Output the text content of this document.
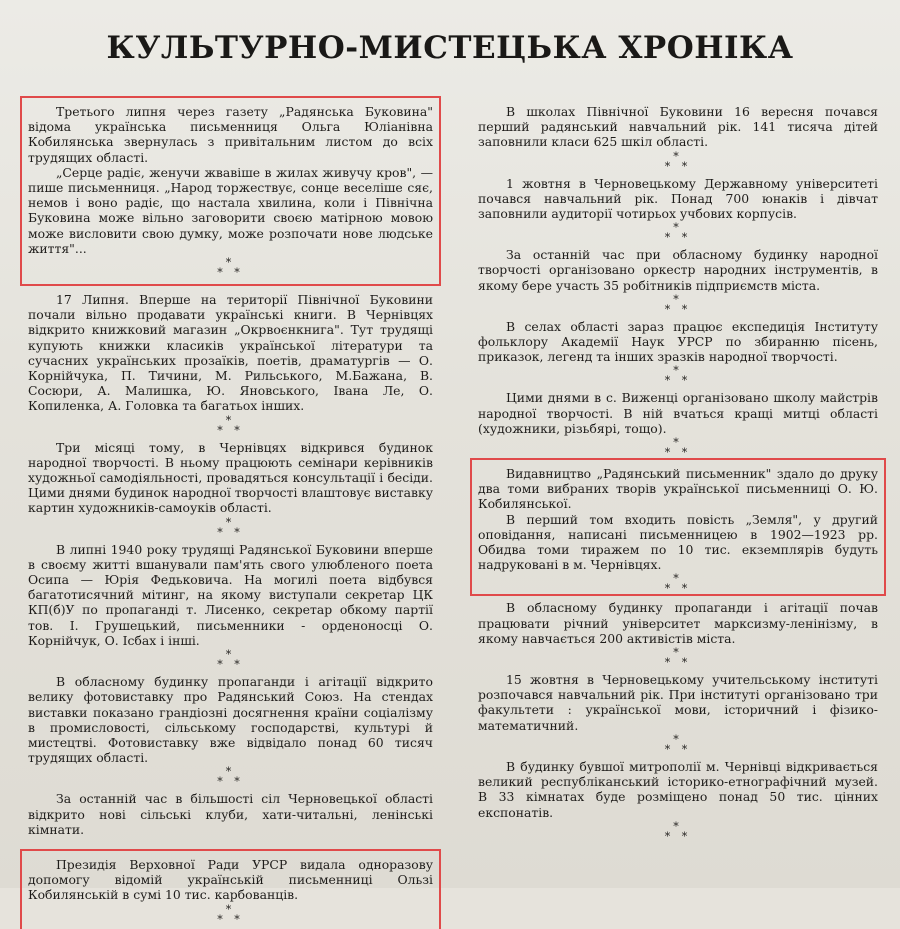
КУЛЬТУРНО-МИСТЕЦЬКА ХРОНІКА

Третього липня через газету „Радянська Буковина" відома українська письменниця Ольга Юліанівна Кобилянська звернулась з привітальним листом до всіх трудящих області.

„Серце радіє, женучи жвавіше в жилах живучу кров", — пише письменниця. „Народ торжествує, сонце веселіше сяє, немов і воно радіє, що настала хвилина, коли і Північна Буковина може вільно заговорити своєю матірною мовою може висловити свою думку, може розпочати нове людське життя"...

*
* *

17 Липня. Вперше на території Північної Буковини почали вільно продавати українські книги. В Чернівцях відкрито книжковий магазин „Окрвоєнкнига". Тут трудящі купують книжки класиків української літератури та сучасних українських прозаїків, поетів, драматургів — О. Корнійчука, П. Тичини, М. Рильського, М.Бажана, В. Сосюри, А. Малишка, Ю. Яновського, Івана Ле, О. Копиленка, А. Головка та багатьох інших.

*
* *

Три місяці тому, в Чернівцях відкрився будинок народної творчості. В ньому працюють семінари керівників художньої самодіяльності, провадяться консультації і бесіди. Цими днями будинок народної творчості влаштовує виставку картин художників-самоуків області.

*
* *

В липні 1940 року трудящі Радянської Буковини вперше в своєму житті вшанували пам'ять свого улюбленого поета Осипа — Юрія Федьковича. На могилі поета відбувся багатотисячний мітинг, на якому виступали секретар ЦК КП(б)У по пропаганді т. Лисенко, секретар обкому партії тов. І. Грушецький, письменники - орденоносці О. Корнійчук, О. Ісбах і інші.

*
* *

В обласному будинку пропаганди і агітації відкрито велику фотовиставку про Радянський Союз. На стендах виставки показано грандіозні досягнення країни соціалізму в промисловості, сільському господарстві, культурі й мистецтві. Фотовиставку вже відвідало понад 60 тисяч трудящих області.

*
* *

За останній час в більшості сіл Черновецької області відкрито нові сільські клуби, хати-читальні, ленінські кімнати.

Президія Верховної Ради УРСР видала одноразову допомогу відомій українській письменниці Ользі Кобилянській в сумі 10 тис. карбованців.

*
* *

В школах Північної Буковини 16 вересня почався перший радянський навчальний рік. 141 тисяча дітей заповнили класи 625 шкіл області.

*
* *

1 жовтня в Черновецькому Державному університеті почався навчальний рік. Понад 700 юнаків і дівчат заповнили аудиторії чотирьох учбових корпусів.

*
* *

За останній час при обласному будинку народної творчості організовано оркестр народних інструментів, в якому бере участь 35 робітників підприємств міста.

*
* *

В селах області зараз працює експедиція Інституту фольклору Академії Наук УРСР по збиранню пісень, приказок, легенд та інших зразків народної творчості.

*
* *

Цими днями в с. Виженці організовано школу майстрів народної творчості. В ній вчаться кращі митці області (художники, різьбярі, тощо).

*
* *

Видавництво „Радянський письменник" здало до друку два томи вибраних творів української письменниці О. Ю. Кобилянської.

В перший том входить повість „Земля", у другий оповідання, написані письменницею в 1902—1923 рр. Обидва томи тиражем по 10 тис. екземплярів будуть надруковані в м. Чернівцях.

*
* *

В обласному будинку пропаганди і агітації почав працювати річний університет марксизму-ленінізму, в якому навчається 200 активістів міста.

*
* *

15 жовтня в Черновецькому учительському інституті розпочався навчальний рік. При інституті організовано три факультети : української мови, історичний і фізико-математичний.

*
* *

В будинку бувшої митрополії м. Чернівці відкривається великий республіканський історико-етнографічний музей. В 33 кімнатах буде розміщено понад 50 тис. цінних експонатів.

*
* *
